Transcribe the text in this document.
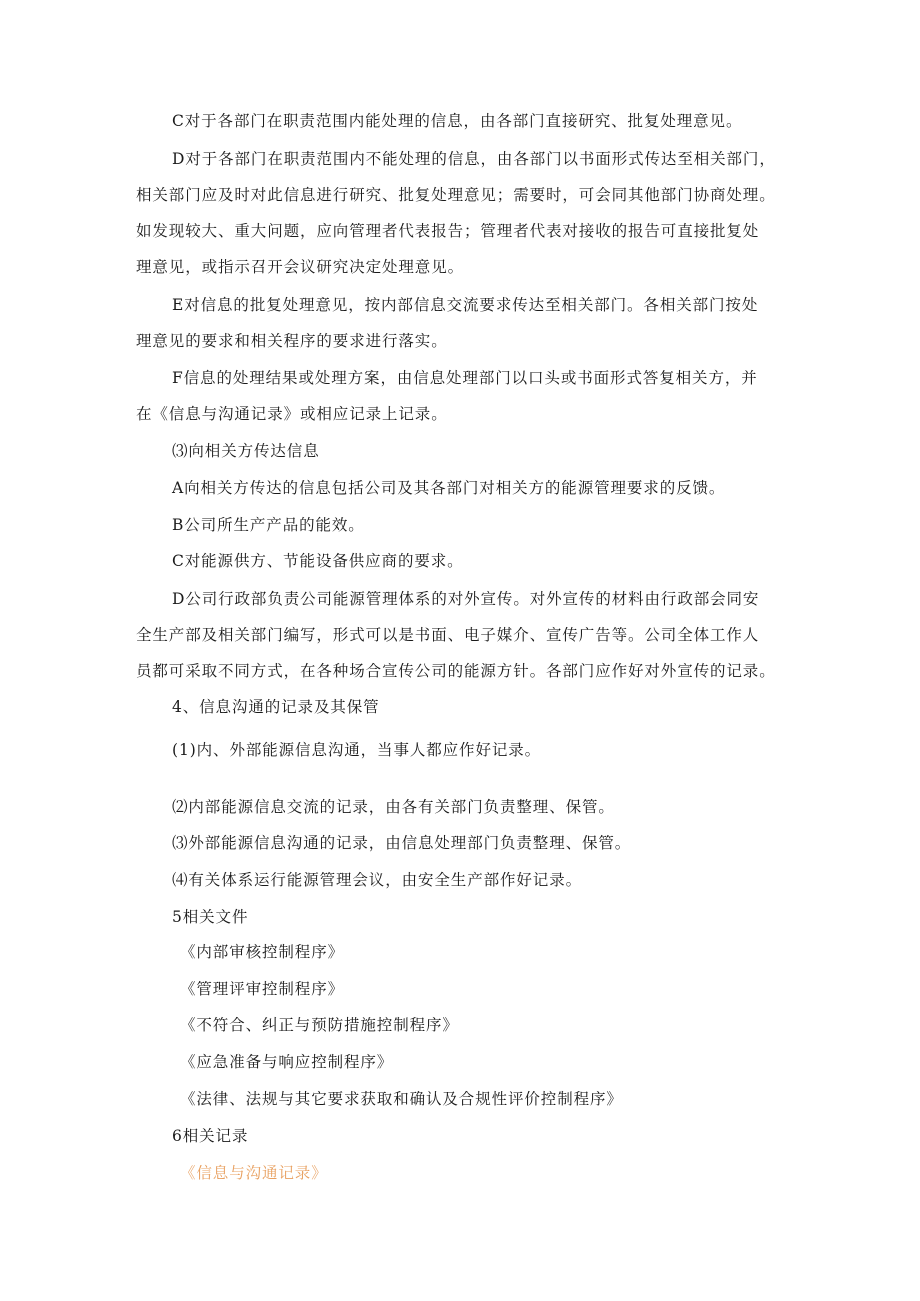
C对于各部门在职责范围内能处理的信息，由各部门直接研究、批复处理意见。
D对于各部门在职责范围内不能处理的信息，由各部门以书面形式传达至相关部门，
相关部门应及时对此信息进行研究、批复处理意见；需要时，可会同其他部门协商处理。
如发现较大、重大问题，应向管理者代表报告；管理者代表对接收的报告可直接批复处
理意见，或指示召开会议研究决定处理意见。
E对信息的批复处理意见，按内部信息交流要求传达至相关部门。各相关部门按处
理意见的要求和相关程序的要求进行落实。
F信息的处理结果或处理方案，由信息处理部门以口头或书面形式答复相关方，并
在《信息与沟通记录》或相应记录上记录。
⑶向相关方传达信息
A向相关方传达的信息包括公司及其各部门对相关方的能源管理要求的反馈。
B公司所生产产品的能效。
C对能源供方、节能设备供应商的要求。
D公司行政部负责公司能源管理体系的对外宣传。对外宣传的材料由行政部会同安
全生产部及相关部门编写，形式可以是书面、电子媒介、宣传广告等。公司全体工作人
员都可采取不同方式，在各种场合宣传公司的能源方针。各部门应作好对外宣传的记录。
4、信息沟通的记录及其保管
(1)内、外部能源信息沟通，当事人都应作好记录。
⑵内部能源信息交流的记录，由各有关部门负责整理、保管。
⑶外部能源信息沟通的记录，由信息处理部门负责整理、保管。
⑷有关体系运行能源管理会议，由安全生产部作好记录。
5相关文件
《内部审核控制程序》
《管理评审控制程序》
《不符合、纠正与预防措施控制程序》
《应急准备与响应控制程序》
《法律、法规与其它要求获取和确认及合规性评价控制程序》
6相关记录
《信息与沟通记录》
